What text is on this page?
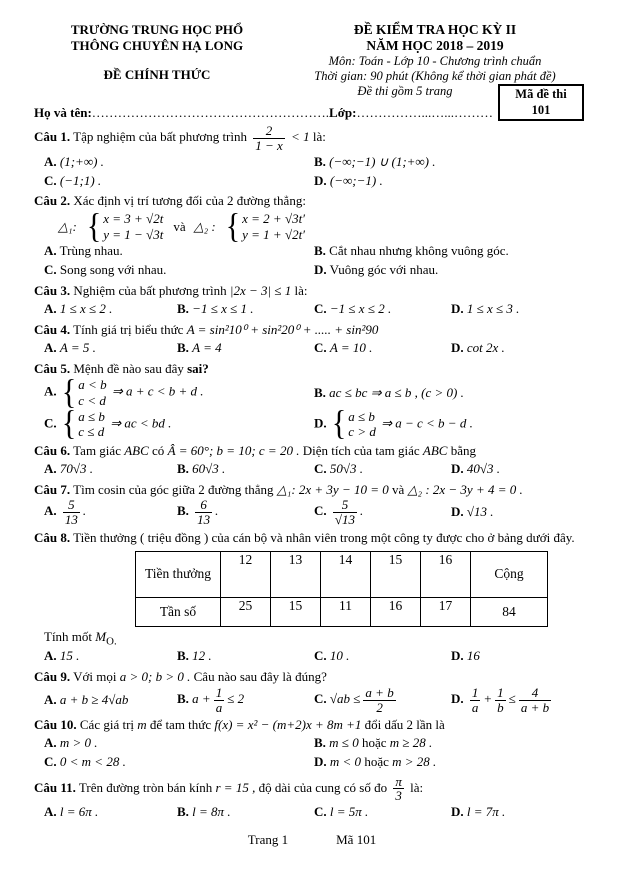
TRƯỜNG TRUNG HỌC PHỔ
THÔNG CHUYÊN HẠ LONG
ĐỀ CHÍNH THỨC
ĐỀ KIỂM TRA HỌC KỲ II
NĂM HỌC 2018 – 2019
Môn: Toán - Lớp 10 - Chương trình chuẩn
Thời gian: 90 phút (Không kể thời gian phát đề)
Đề thi gồm 5 trang	Mã đề thi
101
Họ và tên:……………………………………………….Lớp:……………...…...………
Câu 1. Tập nghiệm của bất phương trình $\frac{2}{1 - x} < 1$ là:
A. (1;+∞) .	B. (−∞;−1) ∪ (1;+∞) .
C. (−1;1) .	D. (−∞;−1) .
Câu 2. Xác định vị trí tương đối của 2 đường thẳng:
△₁: { x = 3 + √2t
y = 1 − √3t
và △₂ : { x = 2 + √3t′
y = 1 + √2t′
A. Trùng nhau.	B. Cắt nhau nhưng không vuông góc.
C. Song song với nhau.	D. Vuông góc với nhau.
Câu 3. Nghiệm của bất phương trình |2x − 3| ≤ 1 là:
A. 1 ≤ x ≤ 2 .	B. −1 ≤ x ≤ 1 .	C. −1 ≤ x ≤ 2 .	D. 1 ≤ x ≤ 3 .
Câu 4. Tính giá trị biểu thức A = sin²10⁰ + sin²20⁰ + ..... + sin²90
A. A = 5 .	B. A = 4	C. A = 10 .	D. cot 2x .
Câu 5. Mệnh đề nào sau đây sai?
A. { a < b
c < d
⇒ a + c < b + d .	B. ac ≤ bc ⇒ a ≤ b , (c > 0) .
C. { a ≤ b
c ≤ d
⇒ ac < bd .	D. { a ≤ b
c > d
⇒ a − c < b − d .
Câu 6. Tam giác ABC có Â = 60°; b = 10; c = 20 . Diện tích của tam giác ABC bằng
A. 70√3 .	B. 60√3 .	C. 50√3 .	D. 40√3 .
Câu 7. Tìm cosin của góc giữa 2 đường thẳng △₁: 2x + 3y − 10 = 0 và △₂ : 2x − 3y + 4 = 0 .
A. $\frac{5}{13}$ .	B. $\frac{6}{13}$ .	C. $\frac{5}{√13}$ .	D. √13 .
Câu 8. Tiền thưởng ( triệu đồng ) của cán bộ và nhân viên trong một công ty được cho ở bảng dưới đây.
Tiền thưởng	12	13	14	15	16	Cộng
Tần số	25	15	11	16	17	84
Tính mốt $M_{O.}$
A. 15 .	B. 12 .	C. 10 .	D. 16
Câu 9. Với mọi a > 0; b > 0 . Câu nào sau đây là đúng?
A. a + b ≥ 4√ab	B. $a + \frac{1}{a} \le 2$	C. $√ab \le \frac{a + b}{2}$	D. $\frac{1}{a} + \frac{1}{b} \le \frac{4}{a + b}$
Câu 10. Các giá trị m để tam thức f(x) = x² − (m+2)x + 8m +1 đổi dấu 2 lần là
A. m > 0 .	B. m ≤ 0 hoặc m ≥ 28 .
C. 0 < m < 28 .	D. m < 0 hoặc m > 28 .
Câu 11. Trên đường tròn bán kính r = 15 , độ dài của cung có số đo $\frac{\pi}{3}$ là:
A. l = 6π .	B. l = 8π .	C. l = 5π .	D. l = 7π .
Trang 1	Mã 101
